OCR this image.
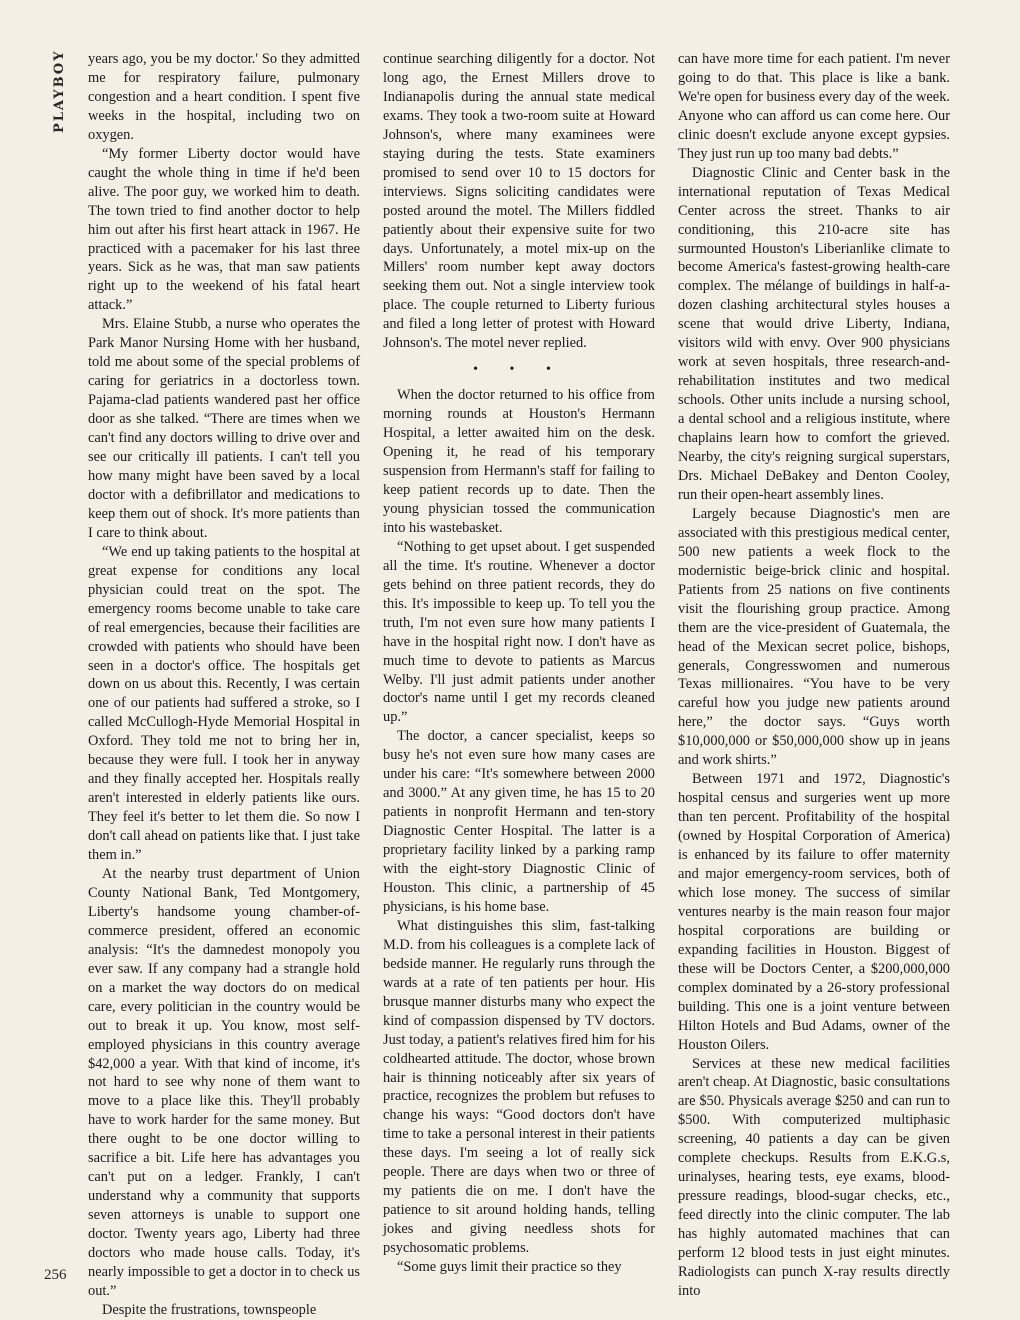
PLAYBOY	years ago, you be my doctor.' So they admitted me for respiratory failure, pulmonary congestion and a heart condition. I spent five weeks in the hospital, including two on oxygen.

“My former Liberty doctor would have caught the whole thing in time if he'd been alive. The poor guy, we worked him to death. The town tried to find another doctor to help him out after his first heart attack in 1967. He practiced with a pacemaker for his last three years. Sick as he was, that man saw patients right up to the weekend of his fatal heart attack.”

Mrs. Elaine Stubb, a nurse who operates the Park Manor Nursing Home with her husband, told me about some of the special problems of caring for geriatrics in a doctorless town. Pajama-clad patients wandered past her office door as she talked. “There are times when we can't find any doctors willing to drive over and see our critically ill patients. I can't tell you how many might have been saved by a local doctor with a defibrillator and medications to keep them out of shock. It's more patients than I care to think about.

“We end up taking patients to the hospital at great expense for conditions any local physician could treat on the spot. The emergency rooms become unable to take care of real emergencies, because their facilities are crowded with patients who should have been seen in a doctor's office. The hospitals get down on us about this. Recently, I was certain one of our patients had suffered a stroke, so I called McCullogh-Hyde Memorial Hospital in Oxford. They told me not to bring her in, because they were full. I took her in anyway and they finally accepted her. Hospitals really aren't interested in elderly patients like ours. They feel it's better to let them die. So now I don't call ahead on patients like that. I just take them in.”

At the nearby trust department of Union County National Bank, Ted Montgomery, Liberty's handsome young chamber-of-commerce president, offered an economic analysis: “It's the damnedest monopoly you ever saw. If any company had a strangle hold on a market the way doctors do on medical care, every politician in the country would be out to break it up. You know, most self-employed physicians in this country average $42,000 a year. With that kind of income, it's not hard to see why none of them want to move to a place like this. They'll probably have to work harder for the same money. But there ought to be one doctor willing to sacrifice a bit. Life here has advantages you can't put on a ledger. Frankly, I can't understand why a community that supports seven attorneys is unable to support one doctor. Twenty years ago, Liberty had three doctors who made house calls. Today, it's nearly impossible to get a doctor in to check us out.”

Despite the frustrations, townspeople

continue searching diligently for a doctor. Not long ago, the Ernest Millers drove to Indianapolis during the annual state medical exams. They took a two-room suite at Howard Johnson's, where many examinees were staying during the tests. State examiners promised to send over 10 to 15 doctors for interviews. Signs soliciting candidates were posted around the motel. The Millers fiddled patiently about their expensive suite for two days. Unfortunately, a motel mix-up on the Millers' room number kept away doctors seeking them out. Not a single interview took place. The couple returned to Liberty furious and filed a long letter of protest with Howard Johnson's. The motel never replied.

• • •

When the doctor returned to his office from morning rounds at Houston's Hermann Hospital, a letter awaited him on the desk. Opening it, he read of his temporary suspension from Hermann's staff for failing to keep patient records up to date. Then the young physician tossed the communication into his wastebasket.

“Nothing to get upset about. I get suspended all the time. It's routine. Whenever a doctor gets behind on three patient records, they do this. It's impossible to keep up. To tell you the truth, I'm not even sure how many patients I have in the hospital right now. I don't have as much time to devote to patients as Marcus Welby. I'll just admit patients under another doctor's name until I get my records cleaned up.”

The doctor, a cancer specialist, keeps so busy he's not even sure how many cases are under his care: “It's somewhere between 2000 and 3000.” At any given time, he has 15 to 20 patients in nonprofit Hermann and ten-story Diagnostic Center Hospital. The latter is a proprietary facility linked by a parking ramp with the eight-story Diagnostic Clinic of Houston. This clinic, a partnership of 45 physicians, is his home base.

What distinguishes this slim, fast-talking M.D. from his colleagues is a complete lack of bedside manner. He regularly runs through the wards at a rate of ten patients per hour. His brusque manner disturbs many who expect the kind of compassion dispensed by TV doctors. Just today, a patient's relatives fired him for his coldhearted attitude. The doctor, whose brown hair is thinning noticeably after six years of practice, recognizes the problem but refuses to change his ways: “Good doctors don't have time to take a personal interest in their patients these days. I'm seeing a lot of really sick people. There are days when two or three of my patients die on me. I don't have the patience to sit around holding hands, telling jokes and giving needless shots for psychosomatic problems.

“Some guys limit their practice so they

can have more time for each patient. I'm never going to do that. This place is like a bank. We're open for business every day of the week. Anyone who can afford us can come here. Our clinic doesn't exclude anyone except gypsies. They just run up too many bad debts.”

Diagnostic Clinic and Center bask in the international reputation of Texas Medical Center across the street. Thanks to air conditioning, this 210-acre site has surmounted Houston's Liberianlike climate to become America's fastest-growing health-care complex. The mélange of buildings in half-a-dozen clashing architectural styles houses a scene that would drive Liberty, Indiana, visitors wild with envy. Over 900 physicians work at seven hospitals, three research-and-rehabilitation institutes and two medical schools. Other units include a nursing school, a dental school and a religious institute, where chaplains learn how to comfort the grieved. Nearby, the city's reigning surgical superstars, Drs. Michael DeBakey and Denton Cooley, run their open-heart assembly lines.

Largely because Diagnostic's men are associated with this prestigious medical center, 500 new patients a week flock to the modernistic beige-brick clinic and hospital. Patients from 25 nations on five continents visit the flourishing group practice. Among them are the vice-president of Guatemala, the head of the Mexican secret police, bishops, generals, Congresswomen and numerous Texas millionaires. “You have to be very careful how you judge new patients around here,” the doctor says. “Guys worth $10,000,000 or $50,000,000 show up in jeans and work shirts.”

Between 1971 and 1972, Diagnostic's hospital census and surgeries went up more than ten percent. Profitability of the hospital (owned by Hospital Corporation of America) is enhanced by its failure to offer maternity and major emergency-room services, both of which lose money. The success of similar ventures nearby is the main reason four major hospital corporations are building or expanding facilities in Houston. Biggest of these will be Doctors Center, a $200,000,000 complex dominated by a 26-story professional building. This one is a joint venture between Hilton Hotels and Bud Adams, owner of the Houston Oilers.

Services at these new medical facilities aren't cheap. At Diagnostic, basic consultations are $50. Physicals average $250 and can run to $500. With computerized multiphasic screening, 40 patients a day can be given complete checkups. Results from E.K.G.s, urinalyses, hearing tests, eye exams, blood-pressure readings, blood-sugar checks, etc., feed directly into the clinic computer. The lab has highly automated machines that can perform 12 blood tests in just eight minutes. Radiologists can punch X-ray results directly into

256
